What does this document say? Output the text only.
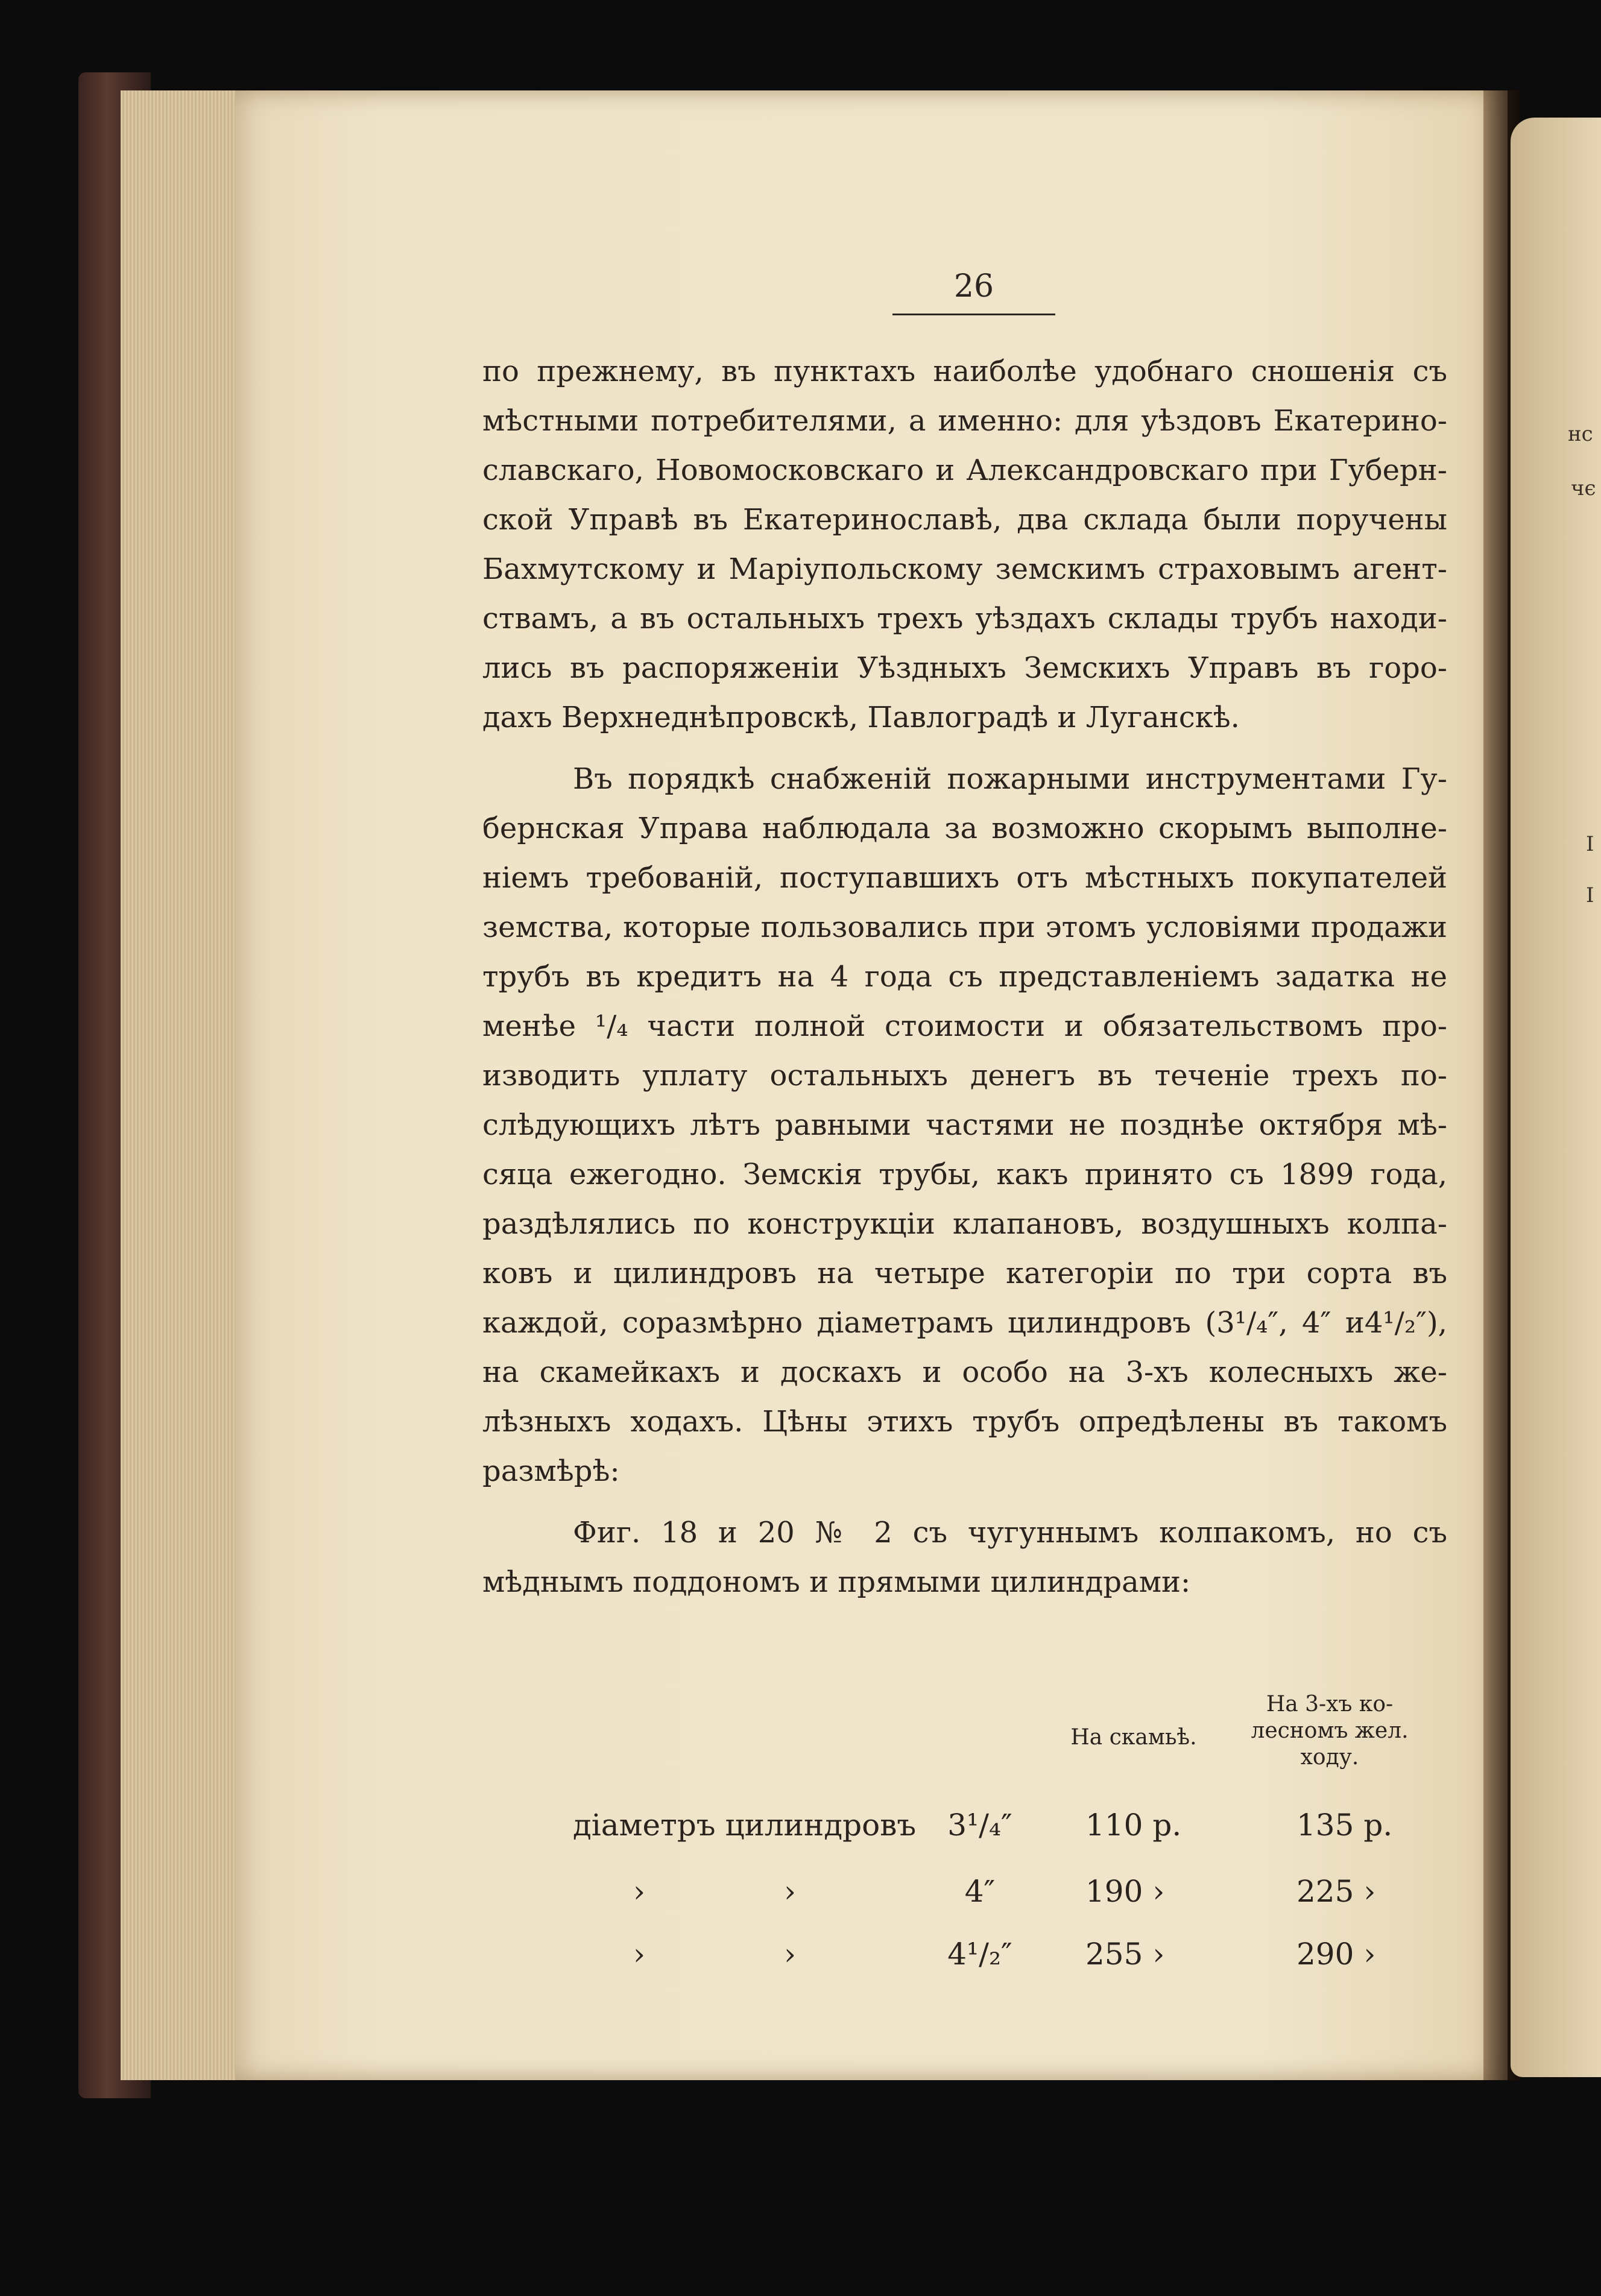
нс
чє
I
I
26

по прежнему, въ пунктахъ наиболѣе удобнаго сношенія съ
мѣстными потребителями, а именно: для уѣздовъ Екатерино-
славскаго, Новомосковскаго и Александровскаго при Губерн-
ской Управѣ въ Екатеринославѣ, два склада были поручены
Бахмутскому и Маріупольскому земскимъ страховымъ агент-
ствамъ, а въ остальныхъ трехъ уѣздахъ склады трубъ находи-
лись въ распоряженіи Уѣздныхъ Земскихъ Управъ въ горо-
дахъ Верхнеднѣпровскѣ, Павлоградѣ и Луганскѣ.

Въ порядкѣ снабженій пожарными инструментами Гу-
бернская Управа наблюдала за возможно скорымъ выполне-
ніемъ требованій, поступавшихъ отъ мѣстныхъ покупателей
земства, которые пользовались при этомъ условіями продажи
трубъ въ кредитъ на 4 года съ представленіемъ задатка не
менѣе ¹/₄ части полной стоимости и обязательствомъ про-
изводить уплату остальныхъ денегъ въ теченіе трехъ по-
слѣдующихъ лѣтъ равными частями не позднѣе октября мѣ-
сяца ежегодно. Земскія трубы, какъ принято съ 1899 года,
раздѣлялись по конструкціи клапановъ, воздушныхъ колпа-
ковъ и цилиндровъ на четыре категоріи по три сорта въ
каждой, соразмѣрно діаметрамъ цилиндровъ (3¹/₄″, 4″ и4¹/₂″),
на скамейкахъ и доскахъ и особо на 3-хъ колесныхъ же-
лѣзныхъ ходахъ. Цѣны этихъ трубъ опредѣлены въ такомъ
размѣрѣ:

Фиг. 18 и 20 № 2 съ чугуннымъ колпакомъ, но съ
мѣднымъ поддономъ и прямыми цилиндрами:

На скамьѣ.
На 3-хъ ко-
лесномъ жел.
ходу.
діаметръ цилиндровъ 3¹/₄″ 110 р.	135 р.
›	›	4″	190 ›	225 ›
›	›	4¹/₂″ 255 ›	290 ›
